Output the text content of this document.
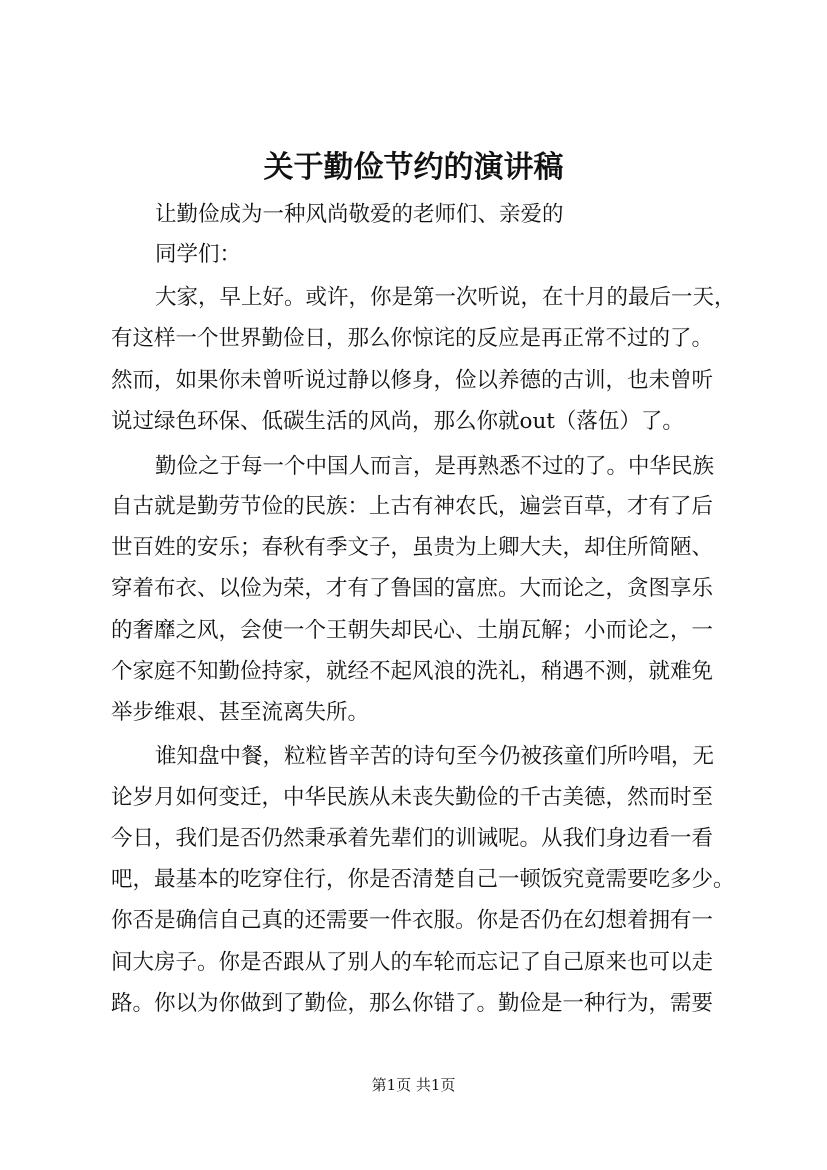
关于勤俭节约的演讲稿
让勤俭成为一种风尚敬爱的老师们、亲爱的
同学们：
大家，早上好。或许，你是第一次听说，在十月的最后一天，
有这样一个世界勤俭日，那么你惊诧的反应是再正常不过的了。
然而，如果你未曾听说过静以修身，俭以养德的古训，也未曾听
说过绿色环保、低碳生活的风尚，那么你就out（落伍）了。
勤俭之于每一个中国人而言，是再熟悉不过的了。中华民族
自古就是勤劳节俭的民族：上古有神农氏，遍尝百草，才有了后
世百姓的安乐；春秋有季文子，虽贵为上卿大夫，却住所简陋、
穿着布衣、以俭为荣，才有了鲁国的富庶。大而论之，贪图享乐
的奢靡之风，会使一个王朝失却民心、土崩瓦解；小而论之，一
个家庭不知勤俭持家，就经不起风浪的洗礼，稍遇不测，就难免
举步维艰、甚至流离失所。
谁知盘中餐，粒粒皆辛苦的诗句至今仍被孩童们所吟唱，无
论岁月如何变迁，中华民族从未丧失勤俭的千古美德，然而时至
今日，我们是否仍然秉承着先辈们的训诫呢。从我们身边看一看
吧，最基本的吃穿住行，你是否清楚自己一顿饭究竟需要吃多少。
你否是确信自己真的还需要一件衣服。你是否仍在幻想着拥有一
间大房子。你是否跟从了别人的车轮而忘记了自己原来也可以走
路。你以为你做到了勤俭，那么你错了。勤俭是一种行为，需要
第1页 共1页
